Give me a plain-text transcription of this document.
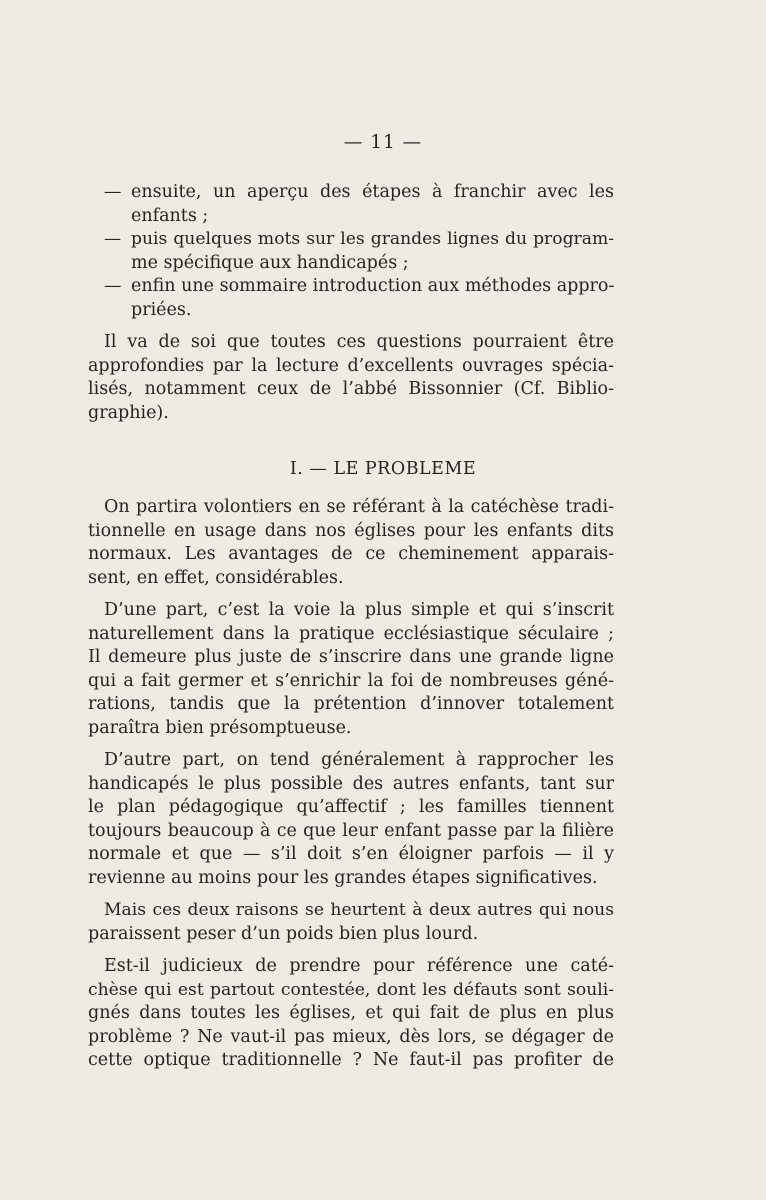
— 11 —
— ensuite, un aperçu des étapes à franchir avec les
enfants ;
— puis quelques mots sur les grandes lignes du program-
me spécifique aux handicapés ;
— enfin une sommaire introduction aux méthodes appro-
priées.
Il va de soi que toutes ces questions pourraient être
approfondies par la lecture d’excellents ouvrages spécia-
lisés, notamment ceux de l’abbé Bissonnier (Cf. Biblio-
graphie).
I. — LE PROBLEME
On partira volontiers en se référant à la catéchèse tradi-
tionnelle en usage dans nos églises pour les enfants dits
normaux. Les avantages de ce cheminement apparais-
sent, en effet, considérables.
D’une part, c’est la voie la plus simple et qui s’inscrit
naturellement dans la pratique ecclésiastique séculaire ;
Il demeure plus juste de s’inscrire dans une grande ligne
qui a fait germer et s’enrichir la foi de nombreuses géné-
rations, tandis que la prétention d’innover totalement
paraîtra bien présomptueuse.
D’autre part, on tend généralement à rapprocher les
handicapés le plus possible des autres enfants, tant sur
le plan pédagogique qu’affectif ; les familles tiennent
toujours beaucoup à ce que leur enfant passe par la filière
normale et que — s’il doit s’en éloigner parfois — il y
revienne au moins pour les grandes étapes significatives.
Mais ces deux raisons se heurtent à deux autres qui nous
paraissent peser d’un poids bien plus lourd.
Est-il judicieux de prendre pour référence une caté-
chèse qui est partout contestée, dont les défauts sont souli-
gnés dans toutes les églises, et qui fait de plus en plus
problème ? Ne vaut-il pas mieux, dès lors, se dégager de
cette optique traditionnelle ? Ne faut-il pas profiter de
